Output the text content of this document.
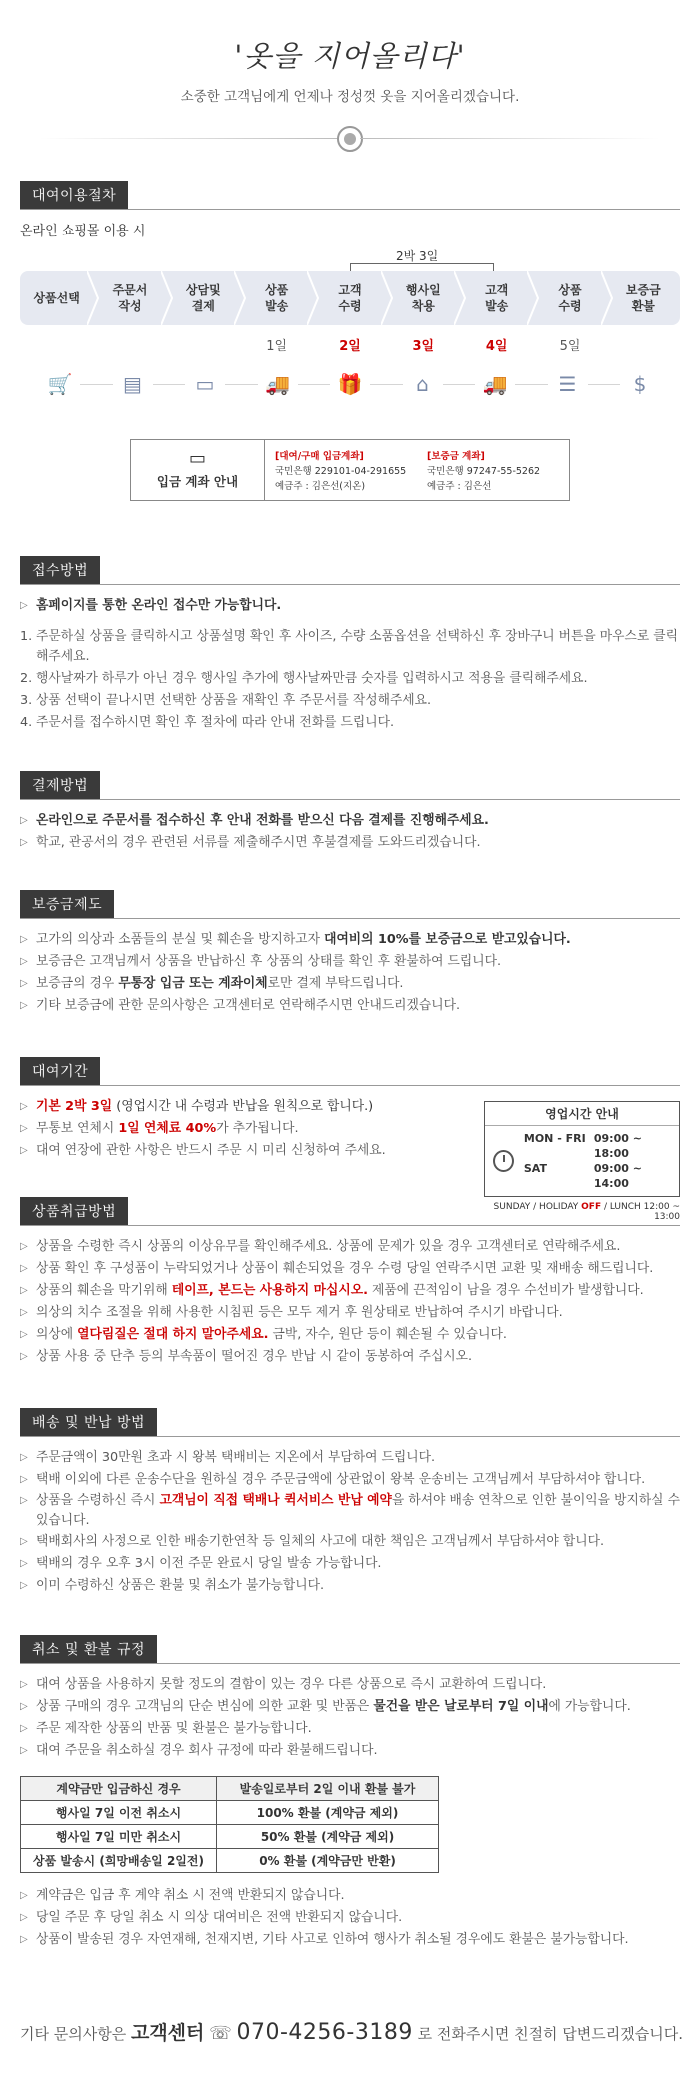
'옷을 지어올리다'
소중한 고객님에게 언제나 정성껏 옷을 지어올리겠습니다.
대여이용절차
온라인 쇼핑몰 이용 시
2박 3일
상품선택
주문서
작성
상담및
결제
상품
발송
고객
수령
행사일
착용
고객
발송
상품
수령
보증금
환불
1일	2일	3일	4일	5일
🛒	▤	▭	🚚 🎁	⌂	🚚	☰	$
▭
입금 계좌 안내
[대여/구매 입금계좌]
국민은행 229101-04-291655
예금주 : 김은선(지온)
[보증금 계좌]
국민은행 97247-55-5262
예금주 : 김은선
접수방법
▷ 홈페이지를 통한 온라인 접수만 가능합니다.
1. 주문하실 상품을 클릭하시고 상품설명 확인 후 사이즈, 수량 소품옵션을 선택하신 후 장바구니 버튼을 마우스로 클릭해주세요.
2. 행사날짜가 하루가 아닌 경우 행사일 추가에 행사날짜만큼 숫자를 입력하시고 적용을 클릭해주세요.
3. 상품 선택이 끝나시면 선택한 상품을 재확인 후 주문서를 작성해주세요.
4. 주문서를 접수하시면 확인 후 절차에 따라 안내 전화를 드립니다.
결제방법
▷ 온라인으로 주문서를 접수하신 후 안내 전화를 받으신 다음 결제를 진행해주세요.
▷ 학교, 관공서의 경우 관련된 서류를 제출해주시면 후불결제를 도와드리겠습니다.
보증금제도
▷ 고가의 의상과 소품들의 분실 및 훼손을 방지하고자 대여비의 10%를 보증금으로 받고있습니다.
▷ 보증금은 고객님께서 상품을 반납하신 후 상품의 상태를 확인 후 환불하여 드립니다.
▷ 보증금의 경우 무통장 입금 또는 계좌이체로만 결제 부탁드립니다.
▷ 기타 보증금에 관한 문의사항은 고객센터로 연락해주시면 안내드리겠습니다.
대여기간
▷ 기본 2박 3일 (영업시간 내 수령과 반납을 원칙으로 합니다.)
▷ 무통보 연체시 1일 연체료 40%가 추가됩니다.
▷ 대여 연장에 관한 사항은 반드시 주문 시 미리 신청하여 주세요.
영업시간 안내
MON - FRI 09:00 ~ 18:00
SAT	09:00 ~ 14:00
SUNDAY / HOLIDAY OFF / LUNCH 12:00 ~ 13:00
상품취급방법
▷ 상품을 수령한 즉시 상품의 이상유무를 확인해주세요. 상품에 문제가 있을 경우 고객센터로 연락해주세요.
▷ 상품 확인 후 구성품이 누락되었거나 상품이 훼손되었을 경우 수령 당일 연락주시면 교환 및 재배송 해드립니다.
▷ 상품의 훼손을 막기위해 테이프, 본드는 사용하지 마십시오. 제품에 끈적임이 남을 경우 수선비가 발생합니다.
▷ 의상의 치수 조절을 위해 사용한 시침핀 등은 모두 제거 후 원상태로 반납하여 주시기 바랍니다.
▷ 의상에 열다림질은 절대 하지 말아주세요. 금박, 자수, 원단 등이 훼손될 수 있습니다.
▷ 상품 사용 중 단추 등의 부속품이 떨어진 경우 반납 시 같이 동봉하여 주십시오.
배송 및 반납 방법
▷ 주문금액이 30만원 초과 시 왕복 택배비는 지온에서 부담하여 드립니다.
▷ 택배 이외에 다른 운송수단을 원하실 경우 주문금액에 상관없이 왕복 운송비는 고객님께서 부담하셔야 합니다.
▷ 상품을 수령하신 즉시 고객님이 직접 택배나 퀵서비스 반납 예약을 하셔야 배송 연착으로 인한 불이익을 방지하실 수 있습니다.
▷ 택배회사의 사정으로 인한 배송기한연착 등 일체의 사고에 대한 책임은 고객님께서 부담하셔야 합니다.
▷ 택배의 경우 오후 3시 이전 주문 완료시 당일 발송 가능합니다.
▷ 이미 수령하신 상품은 환불 및 취소가 불가능합니다.
취소 및 환불 규정
▷ 대여 상품을 사용하지 못할 정도의 결함이 있는 경우 다른 상품으로 즉시 교환하여 드립니다.
▷ 상품 구매의 경우 고객님의 단순 변심에 의한 교환 및 반품은 물건을 받은 날로부터 7일 이내에 가능합니다.
▷ 주문 제작한 상품의 반품 및 환불은 불가능합니다.
▷ 대여 주문을 취소하실 경우 회사 규정에 따라 환불해드립니다.
계약금만 입금하신 경우	발송일로부터 2일 이내 환불 불가
행사일 7일 이전 취소시	100% 환불 (계약금 제외)
행사일 7일 미만 취소시	50% 환불 (계약금 제외)
상품 발송시 (희망배송일 2일전)	0% 환불 (계약금만 반환)
▷ 계약금은 입금 후 계약 취소 시 전액 반환되지 않습니다.
▷ 당일 주문 후 당일 취소 시 의상 대여비은 전액 반환되지 않습니다.
▷ 상품이 발송된 경우 자연재해, 천재지변, 기타 사고로 인하여 행사가 취소될 경우에도 환불은 불가능합니다.
기타 문의사항은 고객센터 ☏ 070-4256-3189 로 전화주시면 친절히 답변드리겠습니다.
